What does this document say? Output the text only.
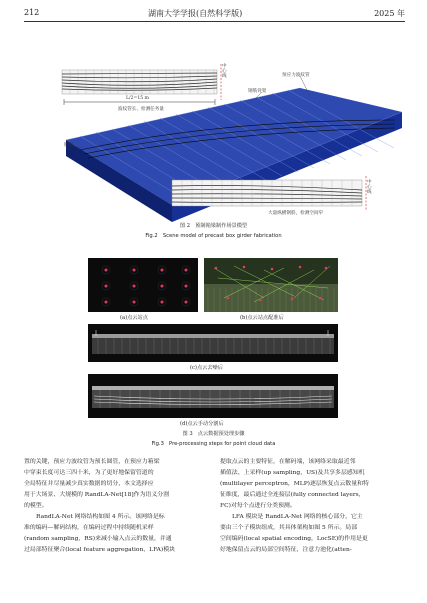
212	湖南大学学报(自然科学版)	2025 年
中心线
L/2=15 m
波纹管长、检测任务量
钢筋骨架
预应力波纹管
胎架
中心线
大量纵横钢筋，检测空间窄
图 2　预制箱梁制作场景模型
Fig.2　Scene model of precast box girder fabrication
(a)点云站点	(b)点云站点配准后
(c)点云去噪后
(d)点云手动分割后
图 3　点云数据预处理步骤
Fig.3　Pre-processing steps for point cloud data
置的关键，预应力波纹管为预长圆管，在预应力箱梁
中穿束长度可达三四十米，为了更好地保留管道的
全局特征并尽量减少真实数据的切分，本文选择应
用于大场景、大规模的 RandLA-Net[18]作为语义分割
的模型。
RandLA-Net 网络结构如图 4 所示。该网络是标
准的编码—解码结构，在编码过程中持续随机采样
(random sampling，RS)来减小输入点云的数量，并通
过局部特征聚合(local feature aggregation，LFA)模块
提取点云的主要特征，在解码端，该网络采取最近邻
插值法、上采样(up sampling，US)及共享多层感知机
(multilayer perceptron，MLP)逐层恢复点云数量和特
征维度，最后通过全连接层(fully connected layers，
FC)对每个点进行分类预测。
LFA 模块是 RandLA-Net 网络的核心部分，它主
要由三个子模块组成，其具体架构如图 5 所示。局部
空间编码(local spatial encoding，LocSE)的作用是更
好地保留点云的局部空间特征，注意力池化(atten-
